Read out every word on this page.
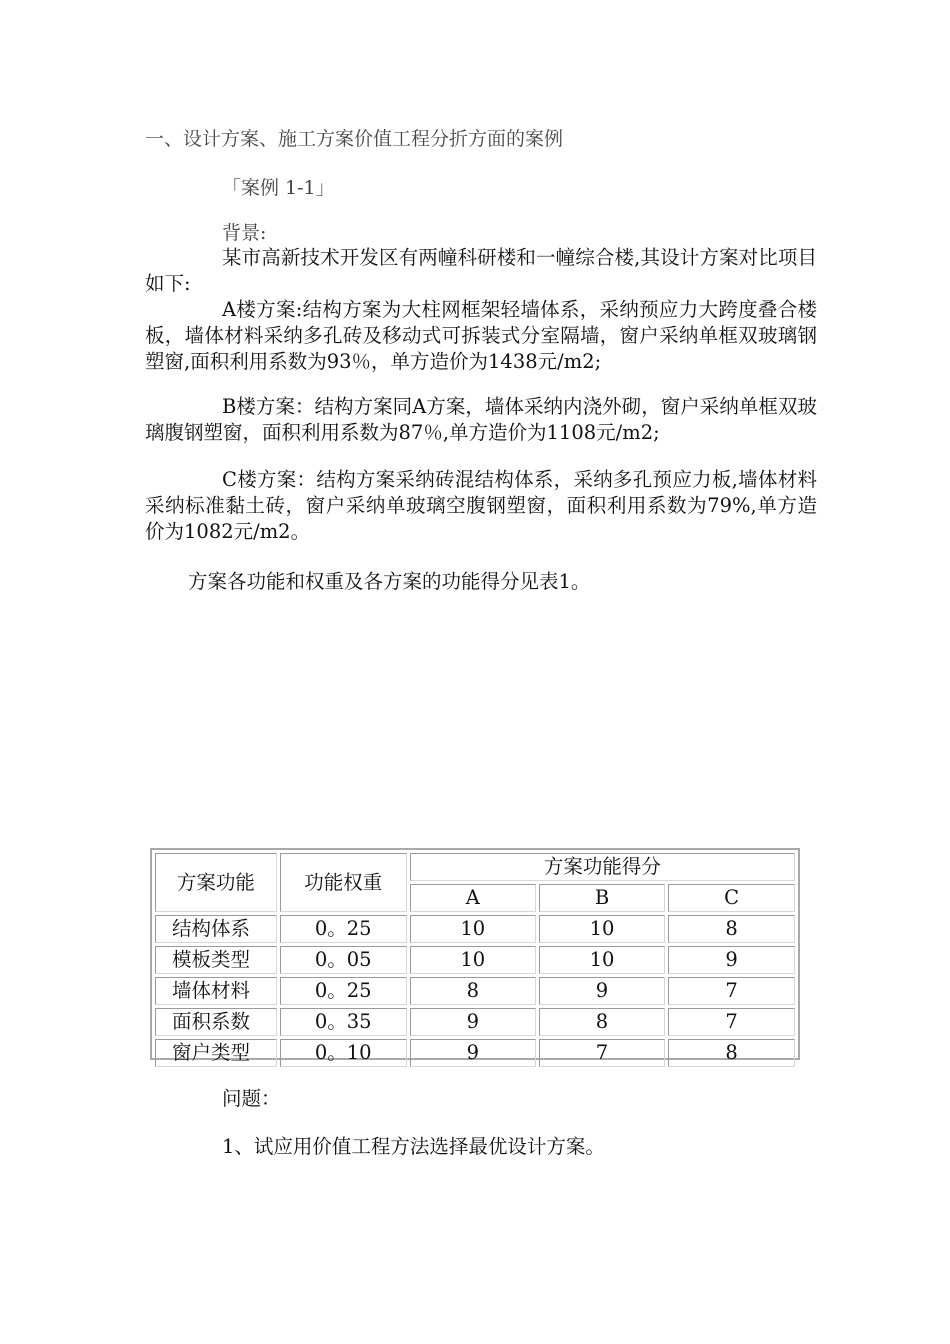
一、设计方案、施工方案价值工程分折方面的案例

「案例 1-1」

背景:

某市高新技术开发区有两幢科研楼和一幢综合楼,其设计方案对比项目如下:

A楼方案:结构方案为大柱网框架轻墙体系，采纳预应力大跨度叠合楼板，墙体材料采纳多孔砖及移动式可拆装式分室隔墙，窗户采纳单框双玻璃钢塑窗,面积利用系数为93％，单方造价为1438元/m2;

B楼方案：结构方案同A方案，墙体采纳内浇外砌，窗户采纳单框双玻璃腹钢塑窗，面积利用系数为87％,单方造价为1108元/m2;

C楼方案：结构方案采纳砖混结构体系，采纳多孔预应力板,墙体材料采纳标准黏土砖，窗户采纳单玻璃空腹钢塑窗，面积利用系数为79%,单方造价为1082元/m2。

方案各功能和权重及各方案的功能得分见表1。

方案功能	功能权重	方案功能得分		
		A	B	C
结构体系	0。25	10	10	8
模板类型	0。05	10	10	9
墙体材料	0。25	8	9	7
面积系数	0。35	9	8	7
窗户类型	0。10	9	7	8

问题：

1、试应用价值工程方法选择最优设计方案。
